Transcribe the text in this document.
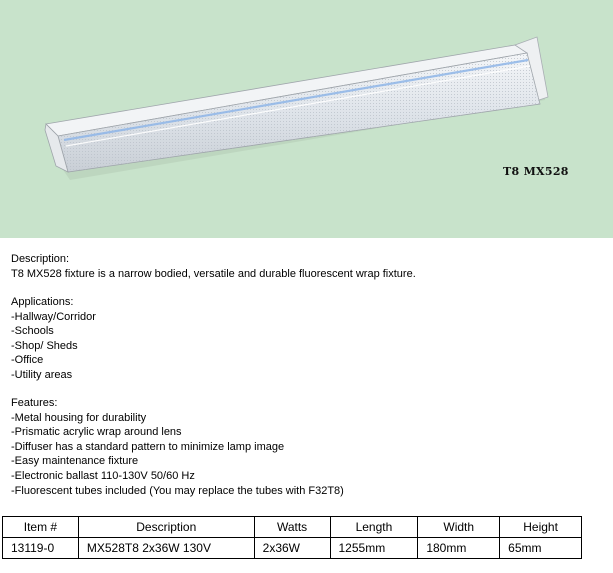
T8 MX528
Description:
T8 MX528 fixture is a narrow bodied, versatile and durable fluorescent wrap fixture.
Applications:
-Hallway/Corridor
-Schools
-Shop/ Sheds
-Office
-Utility areas
Features:
-Metal housing for durability
-Prismatic acrylic wrap around lens
-Diffuser has a standard pattern to minimize lamp image
-Easy maintenance fixture
-Electronic ballast 110-130V 50/60 Hz
-Fluorescent tubes included (You may replace the tubes with F32T8)
Item #	Description	Watts	Length	Width	Height
13119-0	MX528T8 2x36W 130V	2x36W	1255mm	180mm	65mm
